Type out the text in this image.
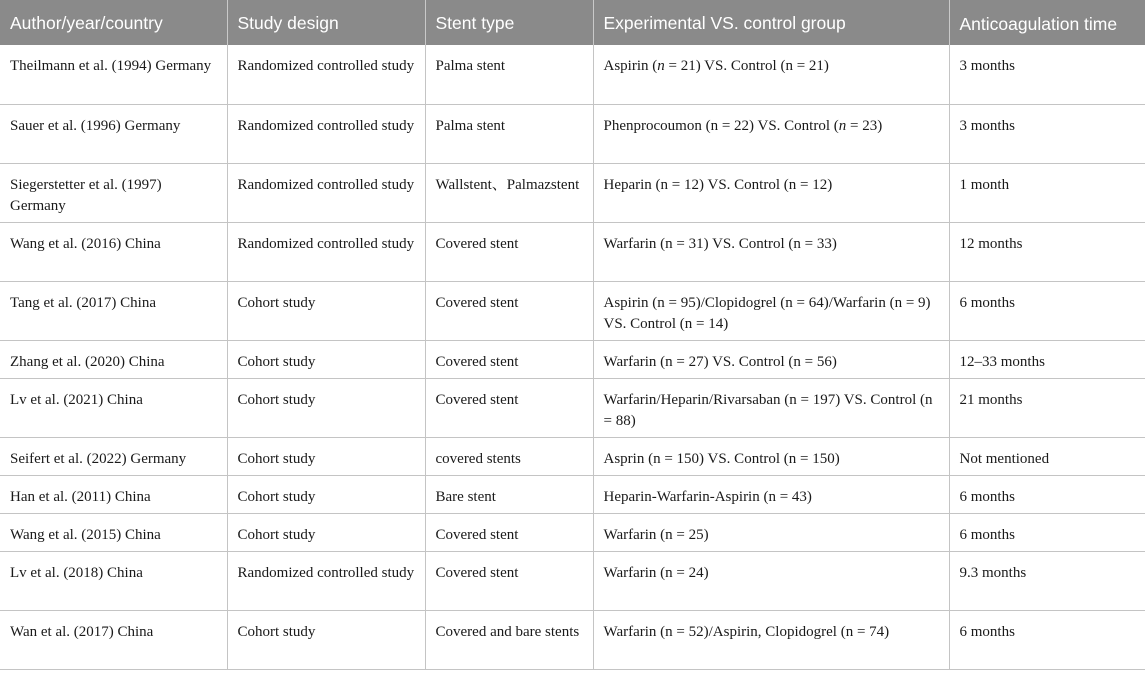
Author/year/country	Study design	Stent type	Experimental VS. control group	Anticoagulation time
Theilmann et al. (1994) Germany	Randomized controlled study	Palma stent	Aspirin (n = 21) VS. Control (n = 21)	3 months
Sauer et al. (1996) Germany	Randomized controlled study	Palma stent	Phenprocoumon (n = 22) VS. Control (n = 23)	3 months
Siegerstetter et al. (1997) Germany	Randomized controlled study	Wallstent、Palmazstent	Heparin (n = 12) VS. Control (n = 12)	1 month
Wang et al. (2016) China	Randomized controlled study	Covered stent	Warfarin (n = 31) VS. Control (n = 33)	12 months
Tang et al. (2017) China	Cohort study	Covered stent	Aspirin (n = 95)/Clopidogrel (n = 64)/Warfarin (n = 9) VS. Control (n = 14)	6 months
Zhang et al. (2020) China	Cohort study	Covered stent	Warfarin (n = 27) VS. Control (n = 56)	12–33 months
Lv et al. (2021) China	Cohort study	Covered stent	Warfarin/Heparin/Rivarsaban (n = 197) VS. Control (n = 88)	21 months
Seifert et al. (2022) Germany	Cohort study	covered stents	Asprin (n = 150) VS. Control (n = 150)	Not mentioned
Han et al. (2011) China	Cohort study	Bare stent	Heparin-Warfarin-Aspirin (n = 43)	6 months
Wang et al. (2015) China	Cohort study	Covered stent	Warfarin (n = 25)	6 months
Lv et al. (2018) China	Randomized controlled study	Covered stent	Warfarin (n = 24)	9.3 months
Wan et al. (2017) China	Cohort study	Covered and bare stents	Warfarin (n = 52)/Aspirin, Clopidogrel (n = 74)	6 months
